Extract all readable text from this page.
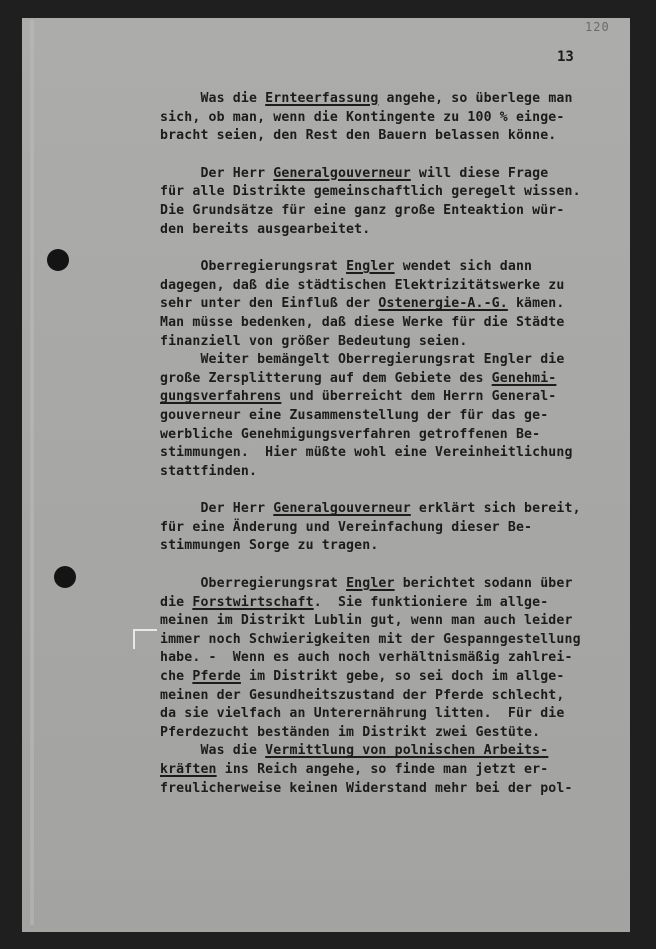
120
13
Was die Ernteerfassung angehe, so überlege man
sich, ob man, wenn die Kontingente zu 100 % einge-
bracht seien, den Rest den Bauern belassen könne.
Der Herr Generalgouverneur will diese Frage
für alle Distrikte gemeinschaftlich geregelt wissen.
Die Grundsätze für eine ganz große Enteaktion wür-
den bereits ausgearbeitet.
Oberregierungsrat Engler wendet sich dann
dagegen, daß die städtischen Elektrizitätswerke zu
sehr unter den Einfluß der Ostenergie-A.-G. kämen.
Man müsse bedenken, daß diese Werke für die Städte
finanziell von größer Bedeutung seien.
Weiter bemängelt Oberregierungsrat Engler die
große Zersplitterung auf dem Gebiete des Genehmi-
gungsverfahrens und überreicht dem Herrn General-
gouverneur eine Zusammenstellung der für das ge-
werbliche Genehmigungsverfahren getroffenen Be-
stimmungen.  Hier müßte wohl eine Vereinheitlichung
stattfinden.
Der Herr Generalgouverneur erklärt sich bereit,
für eine Änderung und Vereinfachung dieser Be-
stimmungen Sorge zu tragen.
Oberregierungsrat Engler berichtet sodann über
die Forstwirtschaft.  Sie funktioniere im allge-
meinen im Distrikt Lublin gut, wenn man auch leider
immer noch Schwierigkeiten mit der Gespanngestellung
habe. -  Wenn es auch noch verhältnismäßig zahlrei-
che Pferde im Distrikt gebe, so sei doch im allge-
meinen der Gesundheitszustand der Pferde schlecht,
da sie vielfach an Unterernährung litten.  Für die
Pferdezucht beständen im Distrikt zwei Gestüte.
Was die Vermittlung von polnischen Arbeits-
kräften ins Reich angehe, so finde man jetzt er-
freulicherweise keinen Widerstand mehr bei der pol-
